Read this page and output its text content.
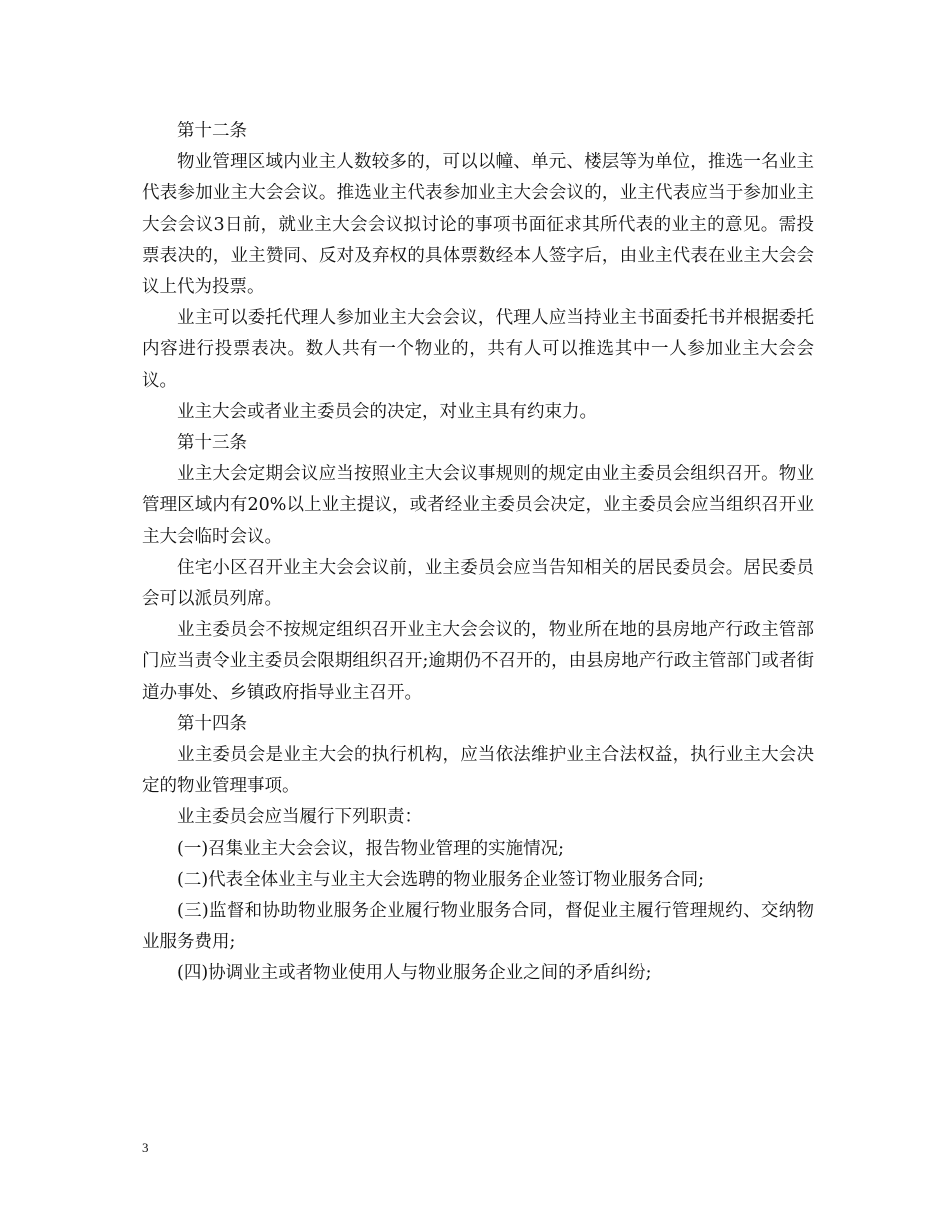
第十二条

物业管理区域内业主人数较多的，可以以幢、单元、楼层等为单位，推选一名业主代表参加业主大会会议。推选业主代表参加业主大会会议的，业主代表应当于参加业主大会会议3日前，就业主大会会议拟讨论的事项书面征求其所代表的业主的意见。需投票表决的，业主赞同、反对及弃权的具体票数经本人签字后，由业主代表在业主大会会议上代为投票。

业主可以委托代理人参加业主大会会议，代理人应当持业主书面委托书并根据委托内容进行投票表决。数人共有一个物业的，共有人可以推选其中一人参加业主大会会议。

业主大会或者业主委员会的决定，对业主具有约束力。

第十三条

业主大会定期会议应当按照业主大会议事规则的规定由业主委员会组织召开。物业管理区域内有20%以上业主提议，或者经业主委员会决定，业主委员会应当组织召开业主大会临时会议。

住宅小区召开业主大会会议前，业主委员会应当告知相关的居民委员会。居民委员会可以派员列席。

业主委员会不按规定组织召开业主大会会议的，物业所在地的县房地产行政主管部门应当责令业主委员会限期组织召开;逾期仍不召开的，由县房地产行政主管部门或者街道办事处、乡镇政府指导业主召开。

第十四条

业主委员会是业主大会的执行机构，应当依法维护业主合法权益，执行业主大会决定的物业管理事项。

业主委员会应当履行下列职责：

(一)召集业主大会会议，报告物业管理的实施情况;

(二)代表全体业主与业主大会选聘的物业服务企业签订物业服务合同;

(三)监督和协助物业服务企业履行物业服务合同，督促业主履行管理规约、交纳物业服务费用;

(四)协调业主或者物业使用人与物业服务企业之间的矛盾纠纷;

3
